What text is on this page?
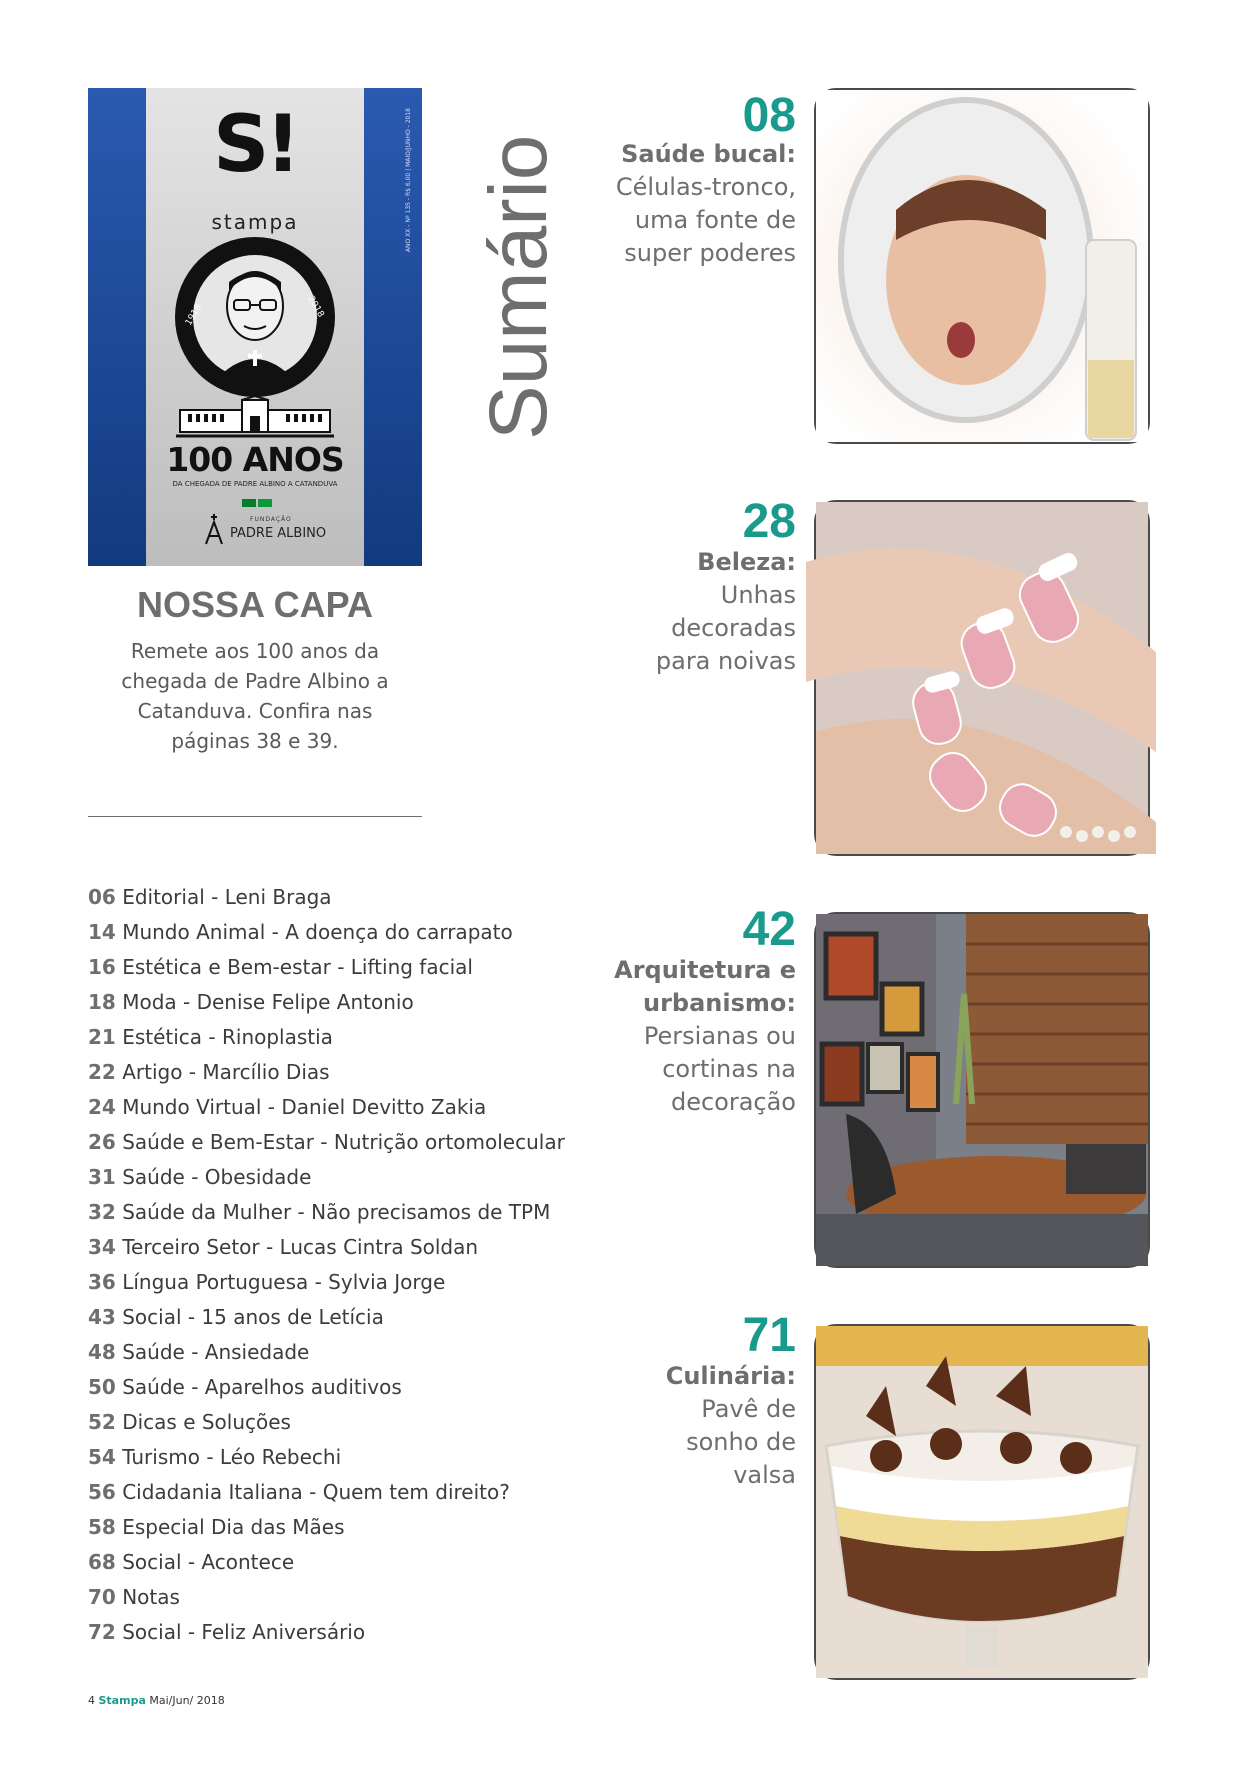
S!
stampa
1918	2018
100 ANOS
DA CHEGADA DE PADRE ALBINO A CATANDUVA
FUNDAÇÃO
PADRE ALBINO
ANO XX - Nº 135 - R$ 6,00 | MAIO/JUNHO - 2018
NOSSA CAPA
Remete aos 100 anos da chegada de Padre Albino a Catanduva. Confira nas páginas 38 e 39.
Sumário
06 Editorial - Leni Braga
14 Mundo Animal - A doença do carrapato
16 Estética e Bem-estar - Lifting facial
18 Moda - Denise Felipe Antonio
21 Estética - Rinoplastia
22 Artigo - Marcílio Dias
24 Mundo Virtual - Daniel Devitto Zakia
26 Saúde e Bem-Estar - Nutrição ortomolecular
31 Saúde - Obesidade
32 Saúde da Mulher - Não precisamos de TPM
34 Terceiro Setor - Lucas Cintra Soldan
36 Língua Portuguesa - Sylvia Jorge
43 Social - 15 anos de Letícia
48 Saúde - Ansiedade
50 Saúde - Aparelhos auditivos
52 Dicas e Soluções
54 Turismo - Léo Rebechi
56 Cidadania Italiana - Quem tem direito?
58 Especial Dia das Mães
68 Social - Acontece
70 Notas
72 Social - Feliz Aniversário
08
Saúde bucal:
Células-tronco,
uma fonte de
super poderes
28
Beleza:
Unhas
decoradas
para noivas
42
Arquitetura e
urbanismo:
Persianas ou
cortinas na
decoração
71
Culinária:
Pavê de
sonho de
valsa
4 Stampa Mai/Jun/ 2018
